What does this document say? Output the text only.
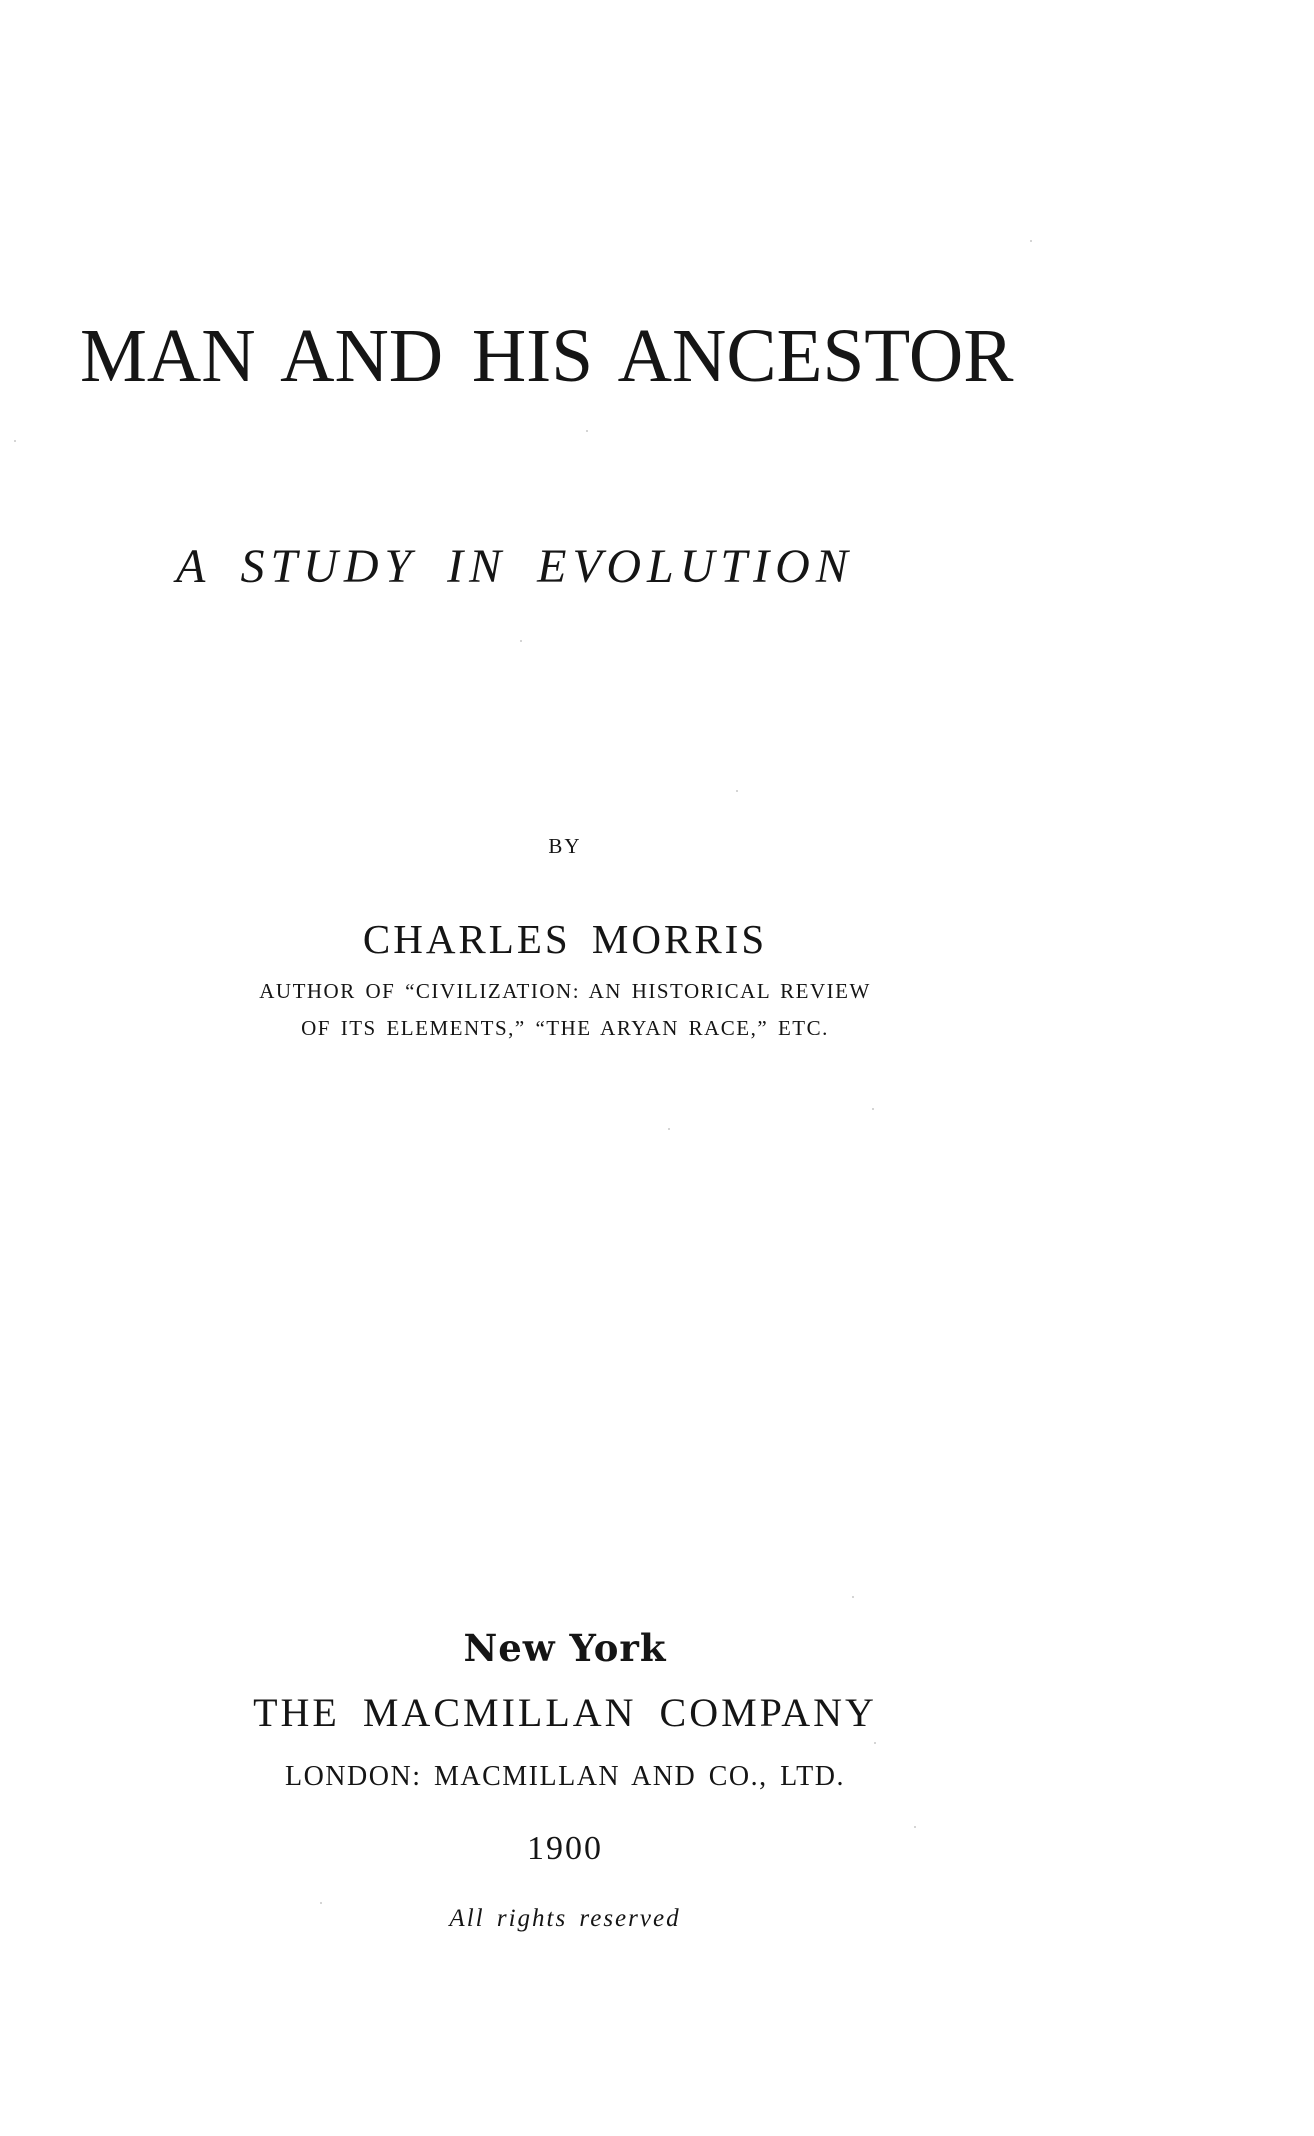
MAN AND HIS ANCESTOR
A STUDY IN EVOLUTION
BY
CHARLES MORRIS
AUTHOR OF “CIVILIZATION: AN HISTORICAL REVIEW
OF ITS ELEMENTS,” “THE ARYAN RACE,” ETC.
New York
THE MACMILLAN COMPANY
LONDON: MACMILLAN AND CO., LTD.
1900
All rights reserved
